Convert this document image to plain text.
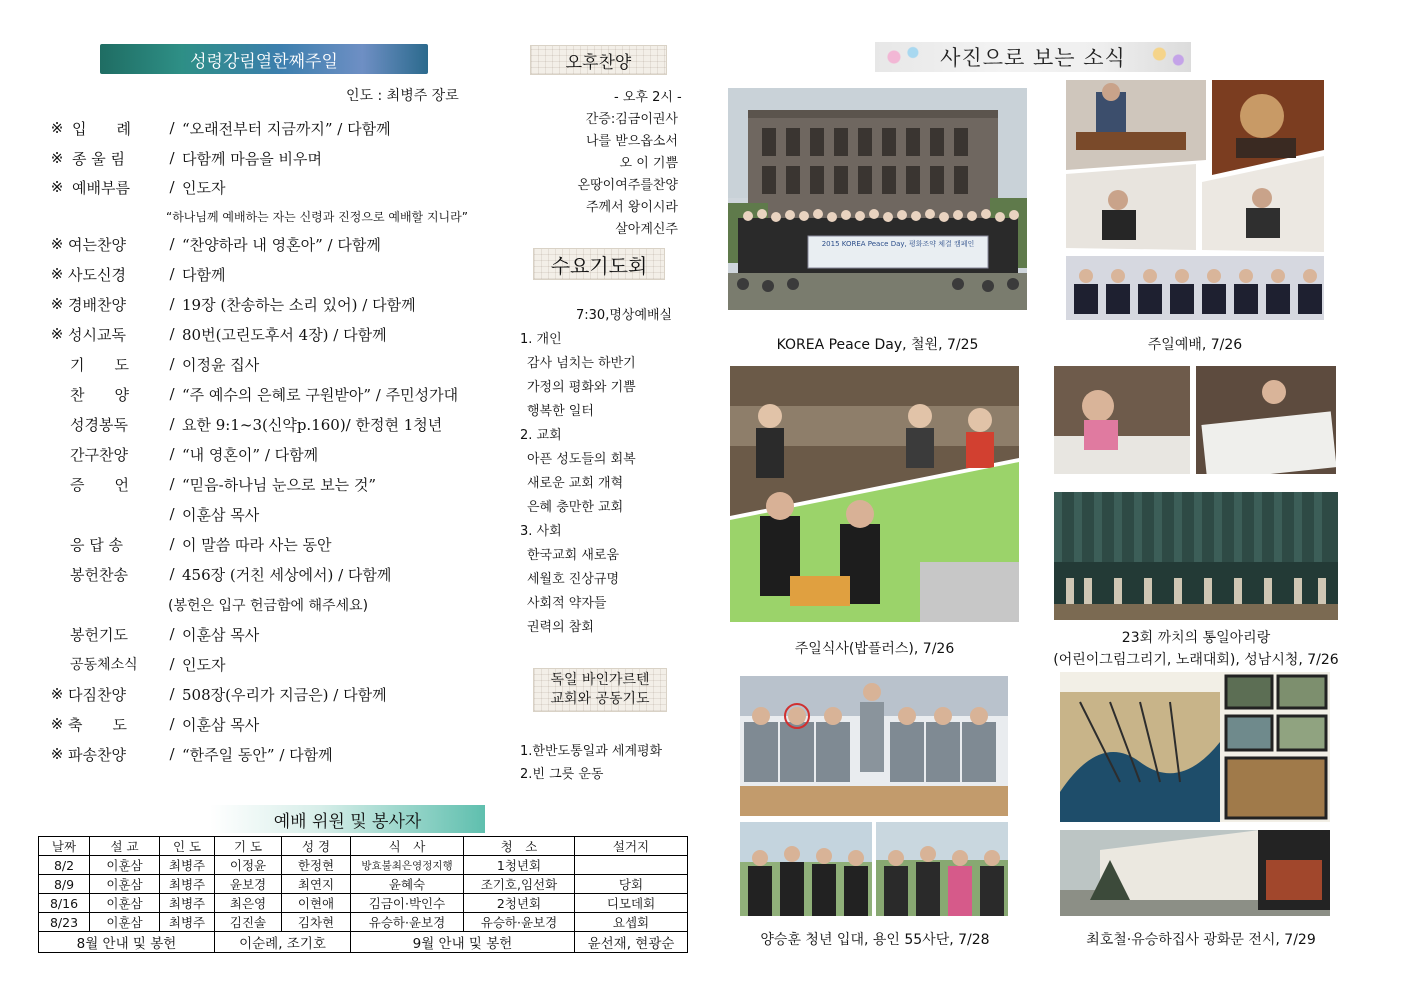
성령강림열한째주일
인도 : 최병주 장로
※ 입　　례	/ “오래전부터 지금까지” / 다함께
※ 종 울 림	/ 다함께 마음을 비우며
※ 예배부름	/ 인도자
“하나님께 예배하는 자는 신령과 진정으로 예배할 지니라”
※ 여는찬양	/ “찬양하라 내 영혼아” / 다함께
※ 사도신경	/ 다함께
※ 경배찬양	/ 19장 (찬송하는 소리 있어) / 다함께
※ 성시교독	/ 80번(고린도후서 4장) / 다함께
기　　도	/ 이정윤 집사
찬　　양	/ “주 예수의 은혜로 구원받아” / 주민성가대
성경봉독	/ 요한 9:1~3(신약p.160)/ 한정현 1청년
간구찬양	/ “내 영혼이” / 다함께
증　　언	/ “믿음-하나님 눈으로 보는 것”
/ 이훈삼 목사
응 답 송	/ 이 말씀 따라 사는 동안
봉헌찬송	/ 456장 (거친 세상에서) / 다함께
(봉헌은 입구 헌금함에 해주세요)
봉헌기도	/ 이훈삼 목사
공동체소식	/ 인도자
※ 다짐찬양	/ 508장(우리가 지금은) / 다함께
※ 축　　도	/ 이훈삼 목사
※ 파송찬양	/ “한주일 동안” / 다함께
오후찬양
- 오후 2시 -
간증:김금이권사
나를 받으옵소서
오 이 기쁨
온땅이여주를찬양
주께서 왕이시라
살아계신주
수요기도회
7:30,명상예배실
1. 개인
감사 넘치는 하반기
가정의 평화와 기쁨
행복한 일터
2. 교회
아픈 성도들의 회복
새로운 교회 개혁
은혜 충만한 교회
3. 사회
한국교회 새로움
세월호 진상규명
사회적 약자들
권력의 참회
독일 바인가르텐
교회와 공동기도
1.한반도통일과 세계평화
2.빈 그릇 운동
예배 위원 및 봉사자
날짜	설 교	인 도	기 도	성 경	식　사	청　소	설거지
8/2	이훈삼	최병주	이정윤	한정현	방효불최은영정지행	1청년회	
8/9	이훈삼	최병주	윤보경	최연지	윤혜숙	조기호,임선화	당회
8/16	이훈삼	최병주	최은영	이현애	김금이·박인수	2청년회	디모데회
8/23	이훈삼	최병주	김진솔	김차현	유승하·윤보경	유승하·윤보경	요셉회
8월 안내 및 봉헌			이순례, 조기호		9월 안내 및 봉헌		윤선재, 현광순
사진으로 보는 소식
2015 KOREA Peace Day, 평화조약 체결 캠페인
KOREA Peace Day, 철원, 7/25	주일예배, 7/26
주일식사(밥플러스), 7/26
23회 까치의 통일아리랑
(어린이그림그리기, 노래대회), 성남시청, 7/26
양승훈 청년 입대, 용인 55사단, 7/28	최호철·유승하집사 광화문 전시, 7/29
